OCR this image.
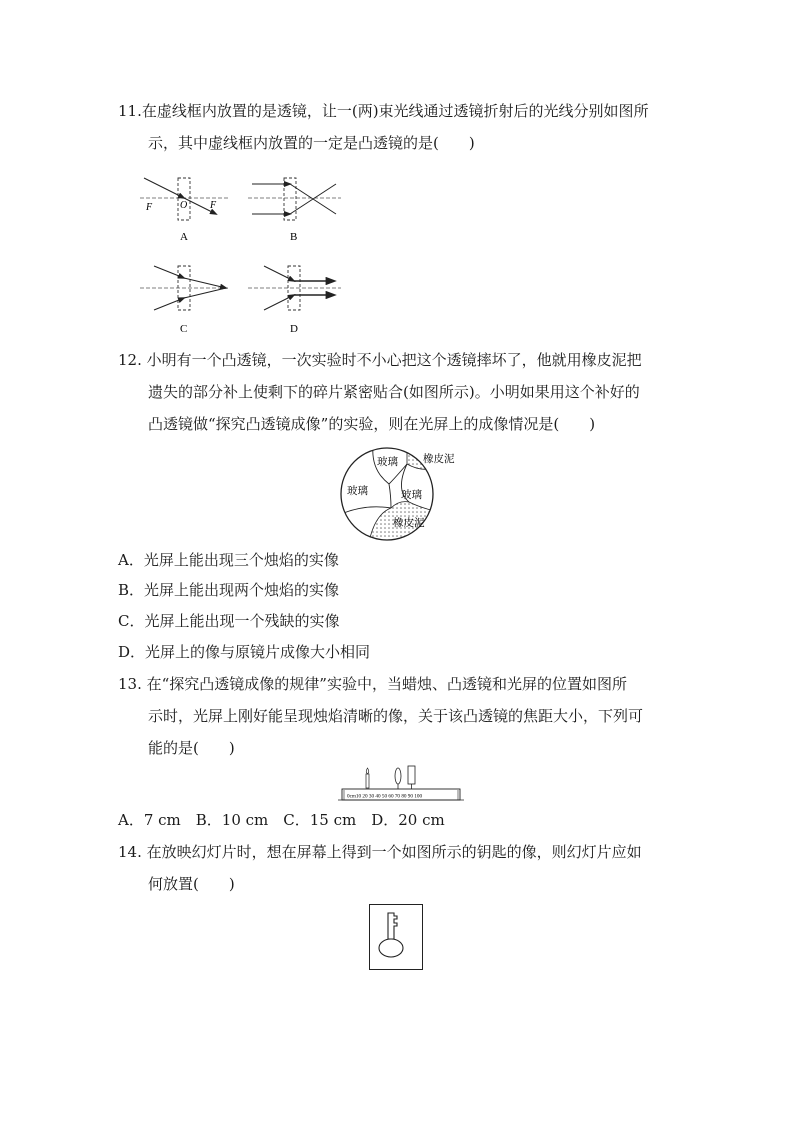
11.在虚线框内放置的是透镜，让一(两)束光线通过透镜折射后的光线分别如图所
示，其中虚线框内放置的一定是凸透镜的是(　　)
F	O F
A	B
C	D
12. 小明有一个凸透镜，一次实验时不小心把这个透镜摔坏了，他就用橡皮泥把
遗失的部分补上使剩下的碎片紧密贴合(如图所示)。小明如果用这个补好的
凸透镜做“探究凸透镜成像”的实验，则在光屏上的成像情况是(　　)
玻璃 橡皮泥
玻璃	玻璃
橡皮泥
A．光屏上能出现三个烛焰的实像
B．光屏上能出现两个烛焰的实像
C．光屏上能出现一个残缺的实像
D．光屏上的像与原镜片成像大小相同
13. 在“探究凸透镜成像的规律”实验中，当蜡烛、凸透镜和光屏的位置如图所
示时，光屏上刚好能呈现烛焰清晰的像，关于该凸透镜的焦距大小，下列可
能的是(　　)
0cm10 20 30 40 50 60 70 80 90 100
A．7 cm　B．10 cm　C．15 cm　D．20 cm
14. 在放映幻灯片时，想在屏幕上得到一个如图所示的钥匙的像，则幻灯片应如
何放置(　　)
